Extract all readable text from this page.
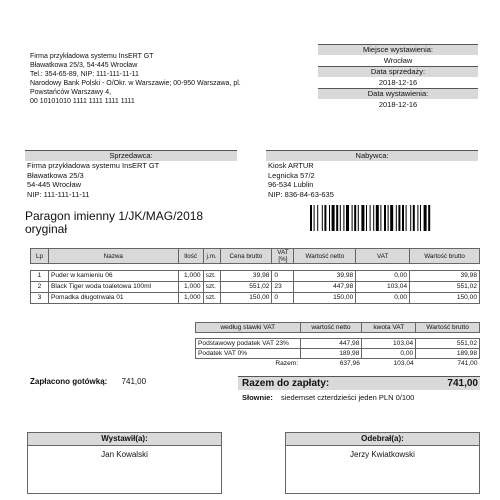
Firma przykładowa systemu InsERT GT
Bławatkowa 25/3, 54-445 Wrocław
Tel.: 354-65-89, NIP: 111-111-11-11
Narodowy Bank Polski - O/Okr. w Warszawie; 00-950 Warszawa, pl.
Powstańców Warszawy 4,
00 10101010 1111 1111 1111 1111
Miejsce wystawienia:
Wrocław
Data sprzedaży:
2018-12-16
Data wystawienia:
2018-12-16
Sprzedawca:
Firma przykładowa systemu InsERT GT
Bławatkowa 25/3
54-445 Wrocław
NIP: 111-111-11-11
Nabywca:
Kiosk ARTUR
Legnicka 57/2
96-534 Lublin
NIP: 836-84-63-635
Paragon imienny 1/JK/MAG/2018
oryginał
Lp	Nazwa	Ilość	j.m.	Cena brutto	VAT [%]	Wartość netto	VAT	Wartość brutto

1	Puder w kamieniu 06	1,000	szt.	39,98	0	39,98	0,00	39,98
2	Black Tiger woda toaletowa 100ml	1,000	szt.	551,02	23	447,98	103,04	551,02
3	Pomadka długotrwała 01	1,000	szt.	150,00	0	150,00	0,00	150,00
według stawki VAT	wartość netto	kwota VAT	Wartość brutto

Podstawowy podatek VAT 23%	447,98	103,04	551,02
Podatek VAT 0%	189,98	0,00	189,98
Razem:	637,96	103,04	741,00
Zapłacono gotówką: 741,00	Razem do zapłaty:	741,00
Słownie: siedemset czterdzieści jeden PLN 0/100
Wystawił(a):
Jan Kowalski
Odebrał(a):
Jerzy Kwiatkowski
